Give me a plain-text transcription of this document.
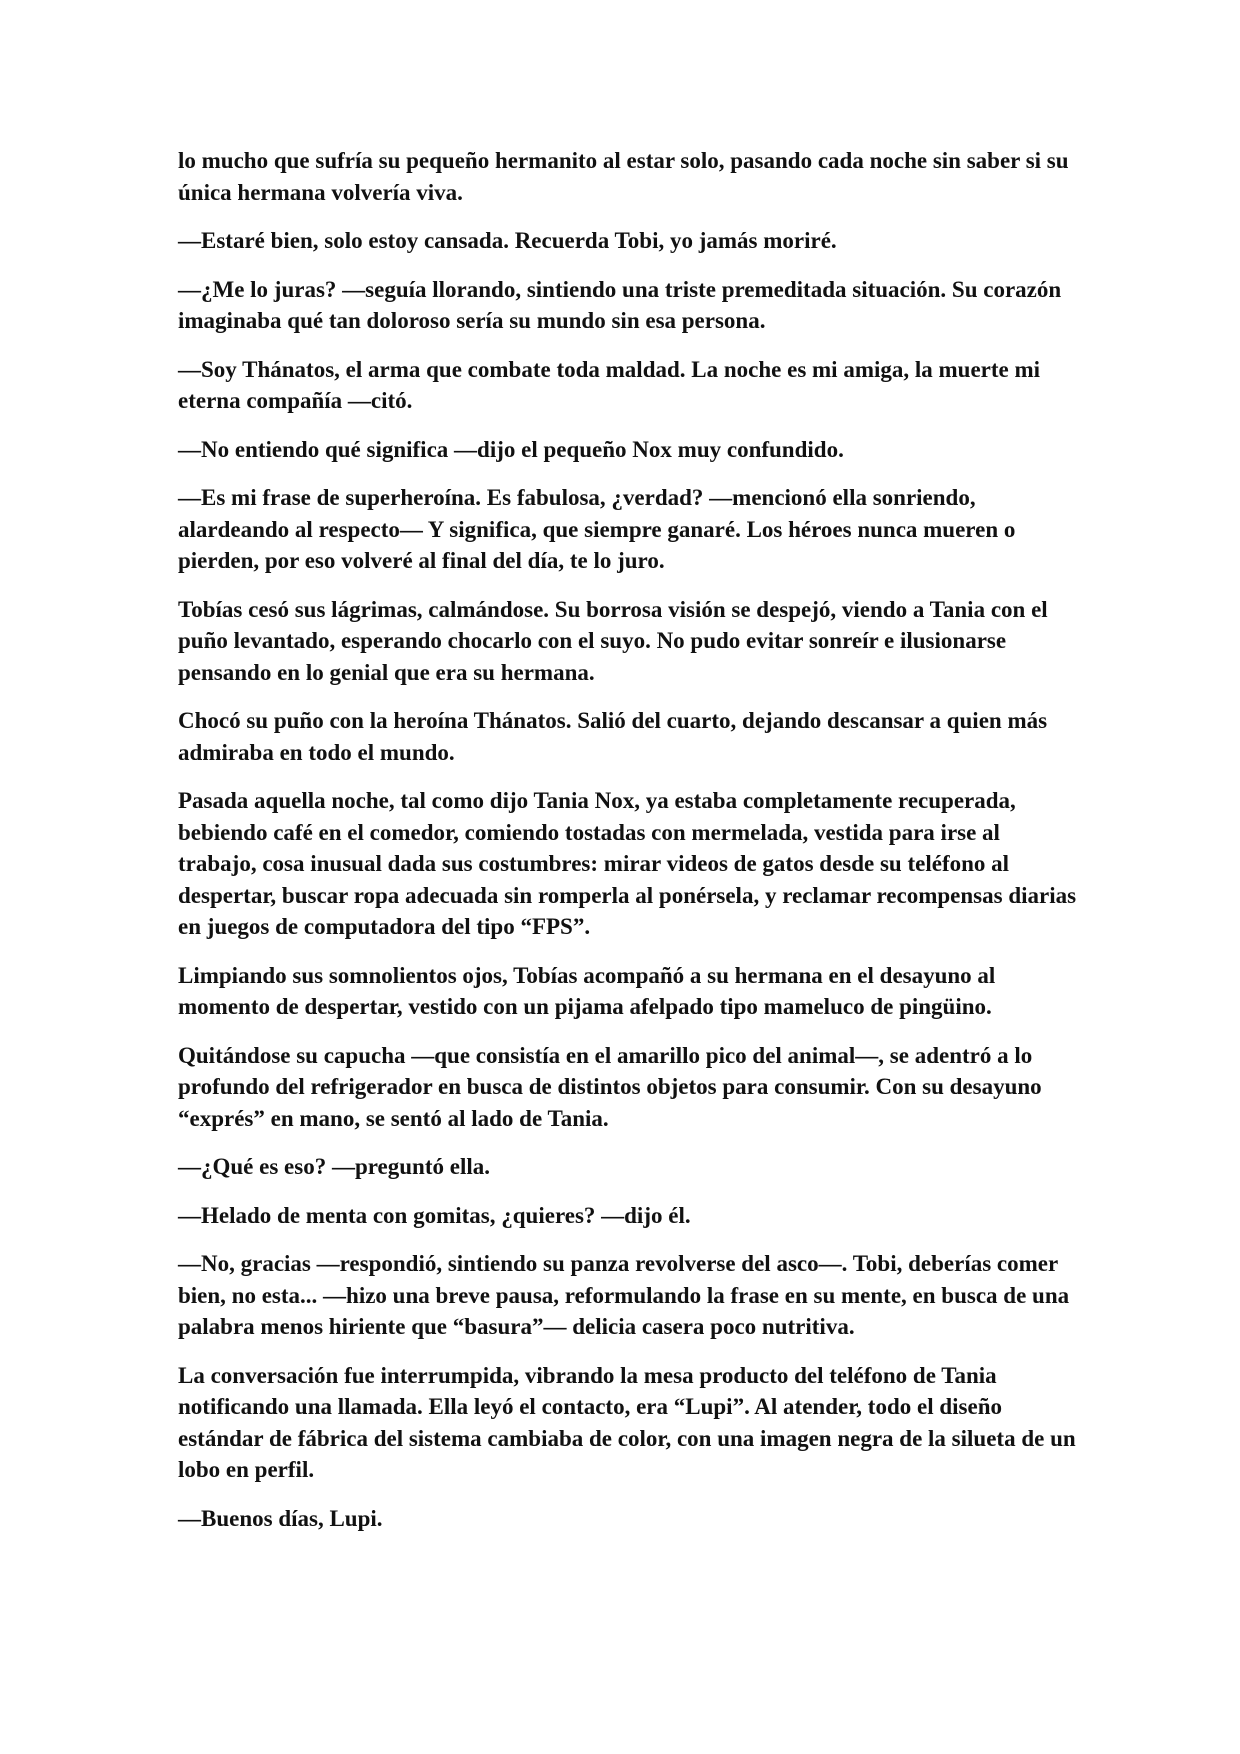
lo mucho que sufría su pequeño hermanito al estar solo, pasando cada noche sin saber si su única hermana volvería viva.

—Estaré bien, solo estoy cansada. Recuerda Tobi, yo jamás moriré.

—¿Me lo juras? —seguía llorando, sintiendo una triste premeditada situación. Su corazón imaginaba qué tan doloroso sería su mundo sin esa persona.

—Soy Thánatos, el arma que combate toda maldad. La noche es mi amiga, la muerte mi eterna compañía —citó.

—No entiendo qué significa —dijo el pequeño Nox muy confundido.

—Es mi frase de superheroína. Es fabulosa, ¿verdad? —mencionó ella sonriendo, alardeando al respecto— Y significa, que siempre ganaré. Los héroes nunca mueren o pierden, por eso volveré al final del día, te lo juro.

Tobías cesó sus lágrimas, calmándose. Su borrosa visión se despejó, viendo a Tania con el puño levantado, esperando chocarlo con el suyo. No pudo evitar sonreír e ilusionarse pensando en lo genial que era su hermana.

Chocó su puño con la heroína Thánatos. Salió del cuarto, dejando descansar a quien más admiraba en todo el mundo.

Pasada aquella noche, tal como dijo Tania Nox, ya estaba completamente recuperada, bebiendo café en el comedor, comiendo tostadas con mermelada, vestida para irse al trabajo, cosa inusual dada sus costumbres: mirar videos de gatos desde su teléfono al despertar, buscar ropa adecuada sin romperla al ponérsela, y reclamar recompensas diarias en juegos de computadora del tipo “FPS”.

Limpiando sus somnolientos ojos, Tobías acompañó a su hermana en el desayuno al momento de despertar, vestido con un pijama afelpado tipo mameluco de pingüino.

Quitándose su capucha —que consistía en el amarillo pico del animal—, se adentró a lo profundo del refrigerador en busca de distintos objetos para consumir. Con su desayuno “exprés” en mano, se sentó al lado de Tania.

—¿Qué es eso? —preguntó ella.

—Helado de menta con gomitas, ¿quieres? —dijo él.

—No, gracias —respondió, sintiendo su panza revolverse del asco—. Tobi, deberías comer bien, no esta... —hizo una breve pausa, reformulando la frase en su mente, en busca de una palabra menos hiriente que “basura”— delicia casera poco nutritiva.

La conversación fue interrumpida, vibrando la mesa producto del teléfono de Tania notificando una llamada. Ella leyó el contacto, era “Lupi”. Al atender, todo el diseño estándar de fábrica del sistema cambiaba de color, con una imagen negra de la silueta de un lobo en perfil.

—Buenos días, Lupi.
